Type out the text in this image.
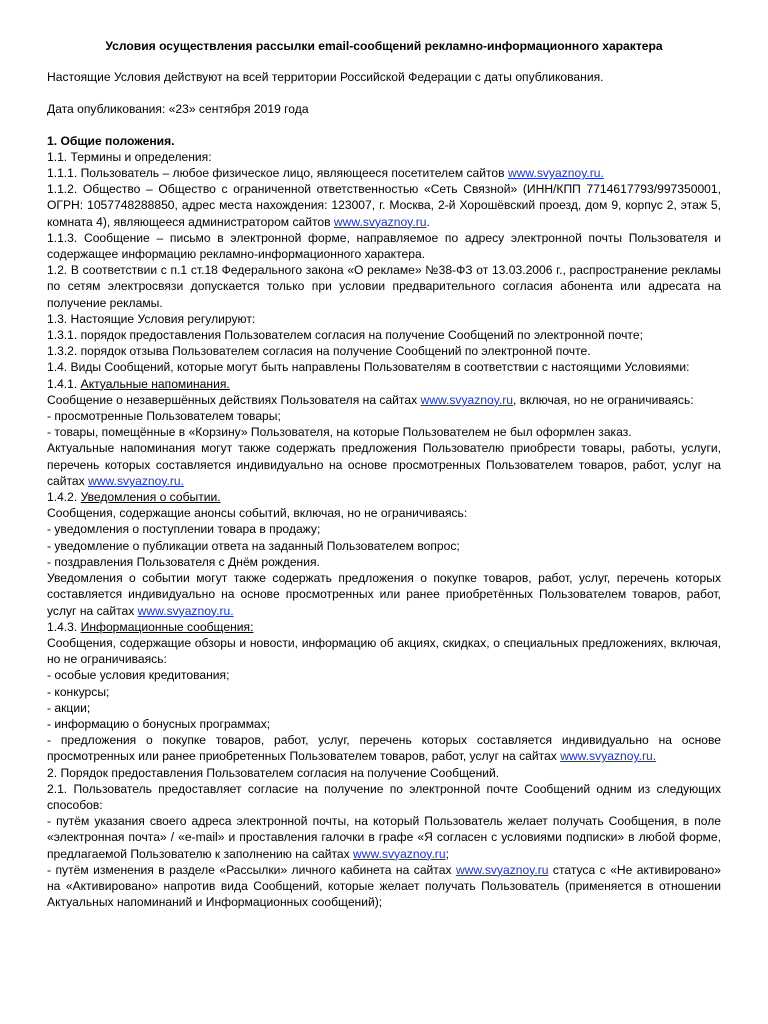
Условия осуществления рассылки email-сообщений рекламно-информационного характера

Настоящие Условия действуют на всей территории Российской Федерации с даты опубликования.

Дата опубликования: «23» сентября 2019 года

1. Общие положения.

1.1. Термины и определения:

1.1.1. Пользователь – любое физическое лицо, являющееся посетителем сайтов www.svyaznoy.ru.

1.1.2. Общество – Общество с ограниченной ответственностью «Сеть Связной» (ИНН/КПП 7714617793/997350001, ОГРН: 1057748288850, адрес места нахождения: 123007, г. Москва, 2-й Хорошёвский проезд, дом 9, корпус 2, этаж 5, комната 4), являющееся администратором сайтов www.svyaznoy.ru.

1.1.3. Сообщение – письмо в электронной форме, направляемое по адресу электронной почты Пользователя и содержащее информацию рекламно-информационного характера.

1.2. В соответствии с п.1 ст.18 Федерального закона «О рекламе» №38-ФЗ от 13.03.2006 г., распространение рекламы по сетям электросвязи допускается только при условии предварительного согласия абонента или адресата на получение рекламы.

1.3. Настоящие Условия регулируют:

1.3.1. порядок предоставления Пользователем согласия на получение Сообщений по электронной почте;

1.3.2. порядок отзыва Пользователем согласия на получение Сообщений по электронной почте.

1.4. Виды Сообщений, которые могут быть направлены Пользователям в соответствии с настоящими Условиями:

1.4.1. Актуальные напоминания.

Сообщение о незавершённых действиях Пользователя на сайтах www.svyaznoy.ru, включая, но не ограничиваясь:

- просмотренные Пользователем товары;

- товары, помещённые в «Корзину» Пользователя, на которые Пользователем не был оформлен заказ.

Актуальные напоминания могут также содержать предложения Пользователю приобрести товары, работы, услуги, перечень которых составляется индивидуально на основе просмотренных Пользователем товаров, работ, услуг на сайтах www.svyaznoy.ru.

1.4.2. Уведомления о событии.

Сообщения, содержащие анонсы событий, включая, но не ограничиваясь:

- уведомления о поступлении товара в продажу;

- уведомление о публикации ответа на заданный Пользователем вопрос;

- поздравления Пользователя с Днём рождения.

Уведомления о событии могут также содержать предложения о покупке товаров, работ, услуг, перечень которых составляется индивидуально на основе просмотренных или ранее приобретённых Пользователем товаров, работ, услуг на сайтах www.svyaznoy.ru.

1.4.3. Информационные сообщения:

Сообщения, содержащие обзоры и новости, информацию об акциях, скидках, о специальных предложениях, включая, но не ограничиваясь:

- особые условия кредитования;

- конкурсы;

- акции;

- информацию о бонусных программах;

- предложения о покупке товаров, работ, услуг, перечень которых составляется индивидуально на основе просмотренных или ранее приобретенных Пользователем товаров, работ, услуг на сайтах www.svyaznoy.ru.

2. Порядок предоставления Пользователем согласия на получение Сообщений.

2.1. Пользователь предоставляет согласие на получение по электронной почте Сообщений одним из следующих способов:

- путём указания своего адреса электронной почты, на который Пользователь желает получать Сообщения, в поле «электронная почта» / «e-mail» и проставления галочки в графе «Я согласен с условиями подписки» в любой форме, предлагаемой Пользователю к заполнению на сайтах www.svyaznoy.ru;

- путём изменения в разделе «Рассылки» личного кабинета на сайтах www.svyaznoy.ru статуса с «Не активировано» на «Активировано» напротив вида Сообщений, которые желает получать Пользователь (применяется в отношении Актуальных напоминаний и Информационных сообщений);
